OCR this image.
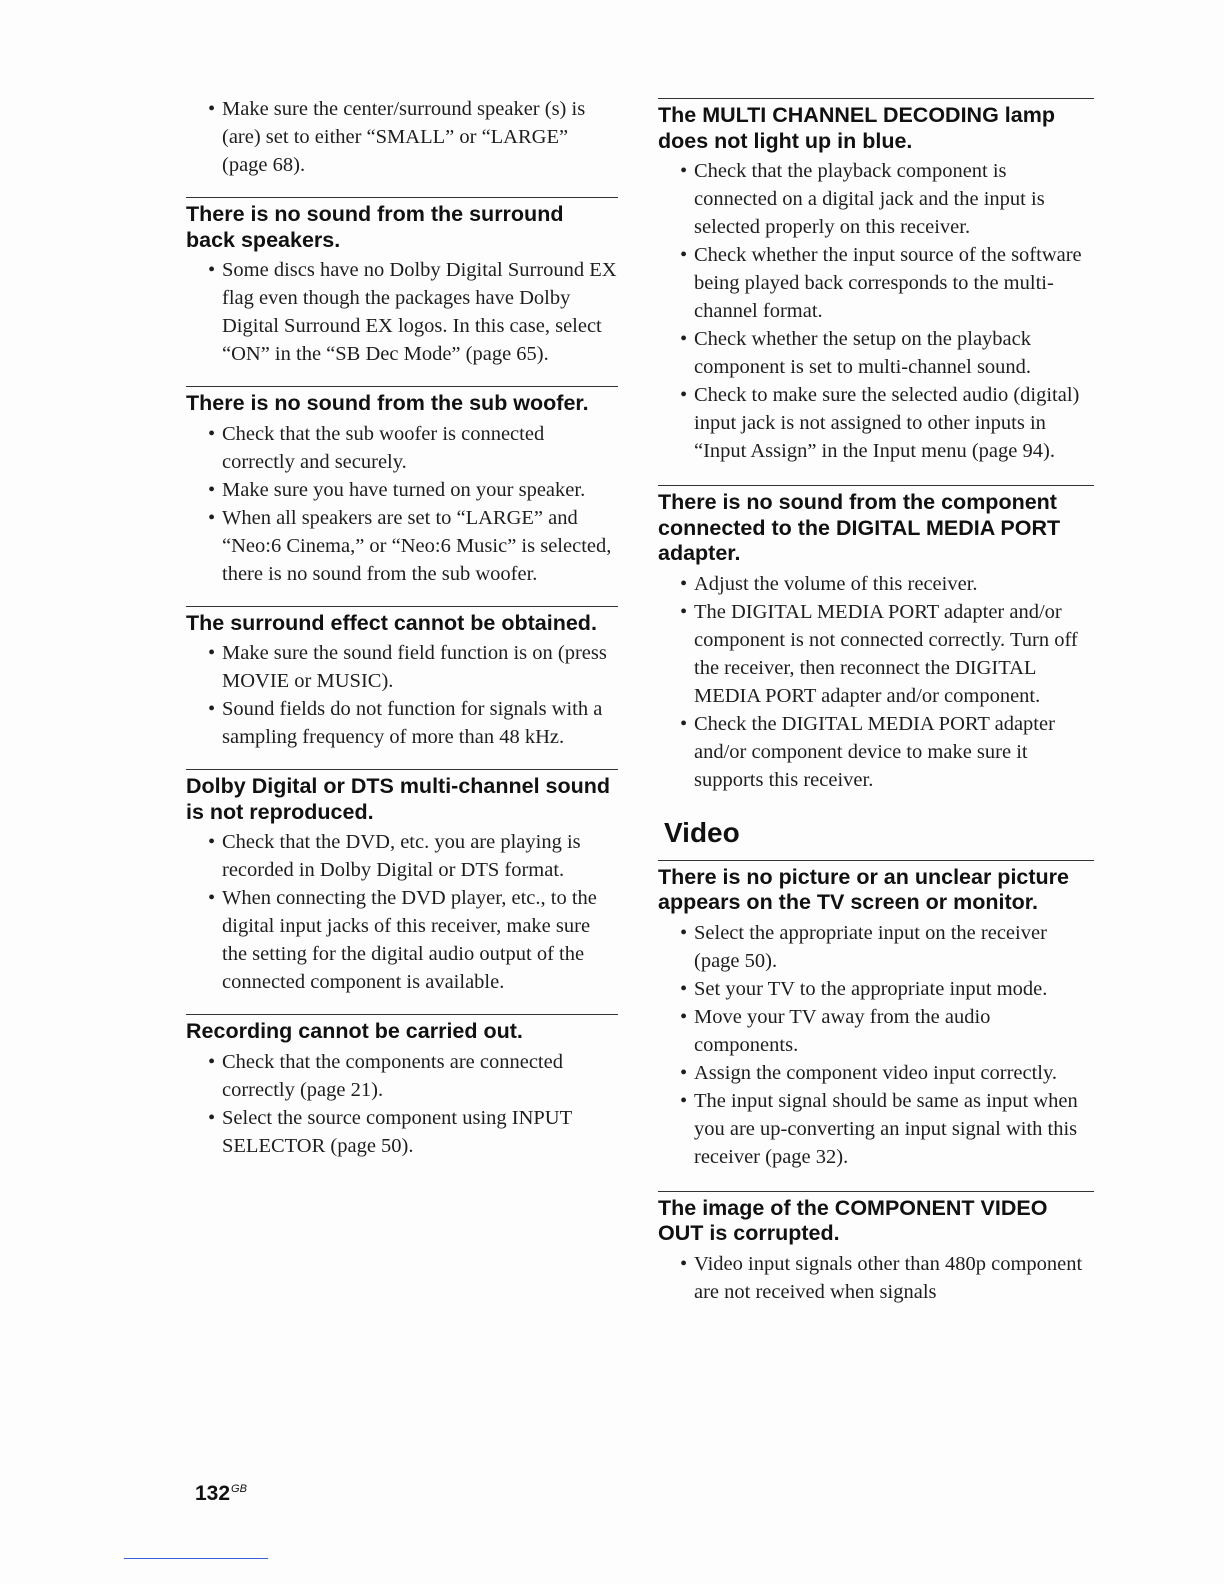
• Make sure the center/surround speaker (s) is (are) set to either “SMALL” or “LARGE” (page 68).
There is no sound from the surround back speakers.
• Some discs have no Dolby Digital Surround EX flag even though the packages have Dolby Digital Surround EX logos. In this case, select “ON” in the “SB Dec Mode” (page 65).
There is no sound from the sub woofer.
• Check that the sub woofer is connected correctly and securely.
• Make sure you have turned on your speaker.
• When all speakers are set to “LARGE” and “Neo:6 Cinema,” or “Neo:6 Music” is selected, there is no sound from the sub woofer.
The surround effect cannot be obtained.
• Make sure the sound field function is on (press MOVIE or MUSIC).
• Sound fields do not function for signals with a sampling frequency of more than 48 kHz.
Dolby Digital or DTS multi-channel sound is not reproduced.
• Check that the DVD, etc. you are playing is recorded in Dolby Digital or DTS format.
• When connecting the DVD player, etc., to the digital input jacks of this receiver, make sure the setting for the digital audio output of the connected component is available.
Recording cannot be carried out.
• Check that the components are connected correctly (page 21).
• Select the source component using INPUT SELECTOR (page 50).
The MULTI CHANNEL DECODING lamp does not light up in blue.
• Check that the playback component is connected on a digital jack and the input is selected properly on this receiver.
• Check whether the input source of the software being played back corresponds to the multi-channel format.
• Check whether the setup on the playback component is set to multi-channel sound.
• Check to make sure the selected audio (digital) input jack is not assigned to other inputs in “Input Assign” in the Input menu (page 94).
There is no sound from the component connected to the DIGITAL MEDIA PORT adapter.
• Adjust the volume of this receiver.
• The DIGITAL MEDIA PORT adapter and/or component is not connected correctly. Turn off the receiver, then reconnect the DIGITAL MEDIA PORT adapter and/or component.
• Check the DIGITAL MEDIA PORT adapter and/or component device to make sure it supports this receiver.
Video
There is no picture or an unclear picture appears on the TV screen or monitor.
• Select the appropriate input on the receiver (page 50).
• Set your TV to the appropriate input mode.
• Move your TV away from the audio components.
• Assign the component video input correctly.
• The input signal should be same as input when you are up-converting an input signal with this receiver (page 32).
The image of the COMPONENT VIDEO OUT is corrupted.
• Video input signals other than 480p component are not received when signals
$132^{GB}$
